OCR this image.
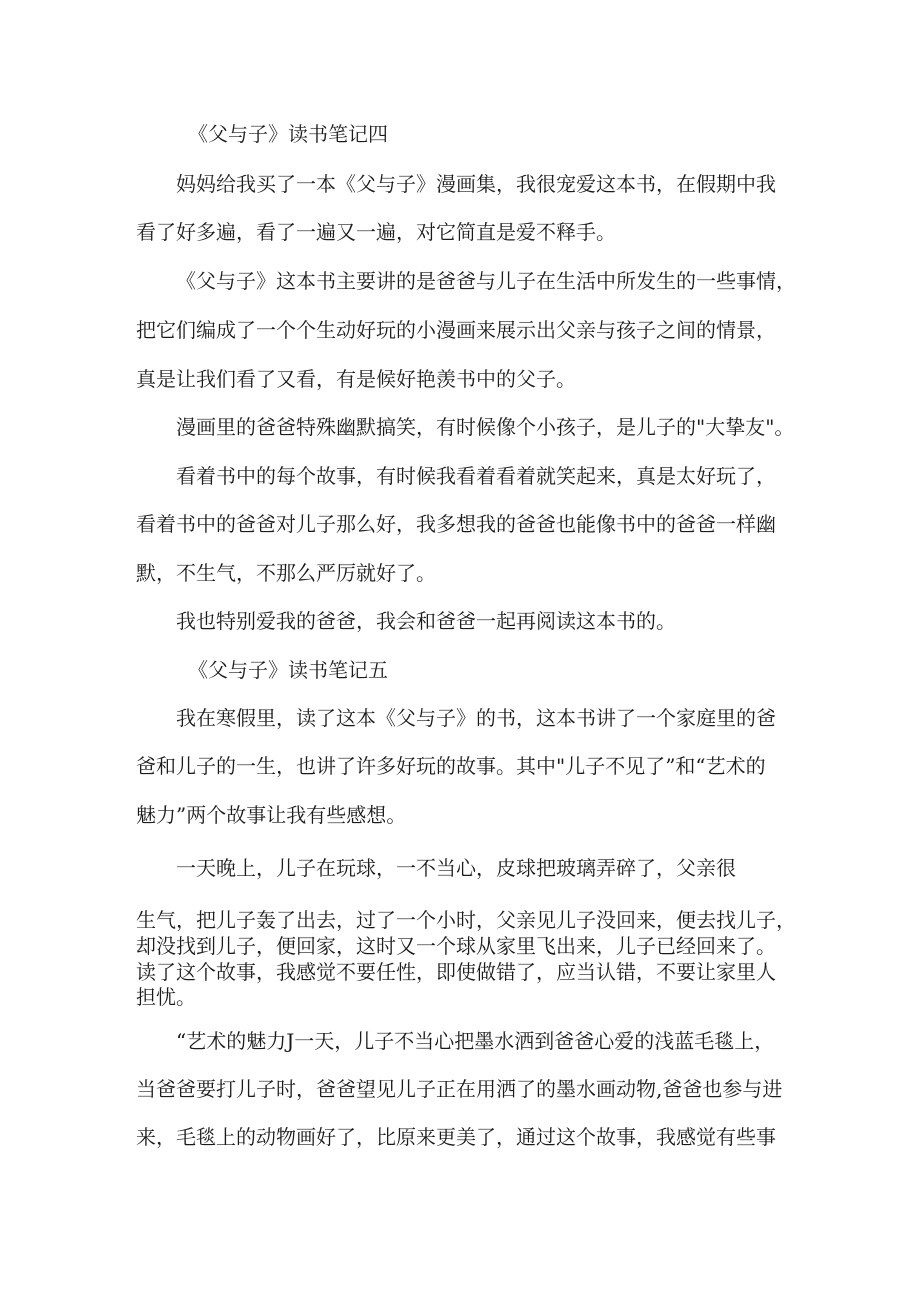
《父与子》读书笔记四
妈妈给我买了一本《父与子》漫画集，我很宠爱这本书，在假期中我
看了好多遍，看了一遍又一遍，对它简直是爱不释手。
《父与子》这本书主要讲的是爸爸与儿子在生活中所发生的一些事情，
把它们编成了一个个生动好玩的小漫画来展示出父亲与孩子之间的情景，
真是让我们看了又看，有是候好艳羡书中的父子。
漫画里的爸爸特殊幽默搞笑，有时候像个小孩子，是儿子的"大挚友"。
看着书中的每个故事，有时候我看着看着就笑起来，真是太好玩了，
看着书中的爸爸对儿子那么好，我多想我的爸爸也能像书中的爸爸一样幽
默，不生气，不那么严厉就好了。
我也特别爱我的爸爸，我会和爸爸一起再阅读这本书的。
《父与子》读书笔记五
我在寒假里，读了这本《父与子》的书，这本书讲了一个家庭里的爸
爸和儿子的一生，也讲了许多好玩的故事。其中"儿子不见了”和“艺术的
魅力”两个故事让我有些感想。
一天晚上，儿子在玩球，一不当心，皮球把玻璃弄碎了，父亲很
生气，把儿子轰了出去，过了一个小时，父亲见儿子没回来，便去找儿子，
却没找到儿子，便回家，这时又一个球从家里飞出来，儿子已经回来了。
读了这个故事，我感觉不要任性，即使做错了，应当认错，不要让家里人
担忧。
“艺术的魅力J一天，儿子不当心把墨水洒到爸爸心爱的浅蓝毛毯上，
当爸爸要打儿子时，爸爸望见儿子正在用洒了的墨水画动物,爸爸也参与进
来，毛毯上的动物画好了，比原来更美了，通过这个故事，我感觉有些事
